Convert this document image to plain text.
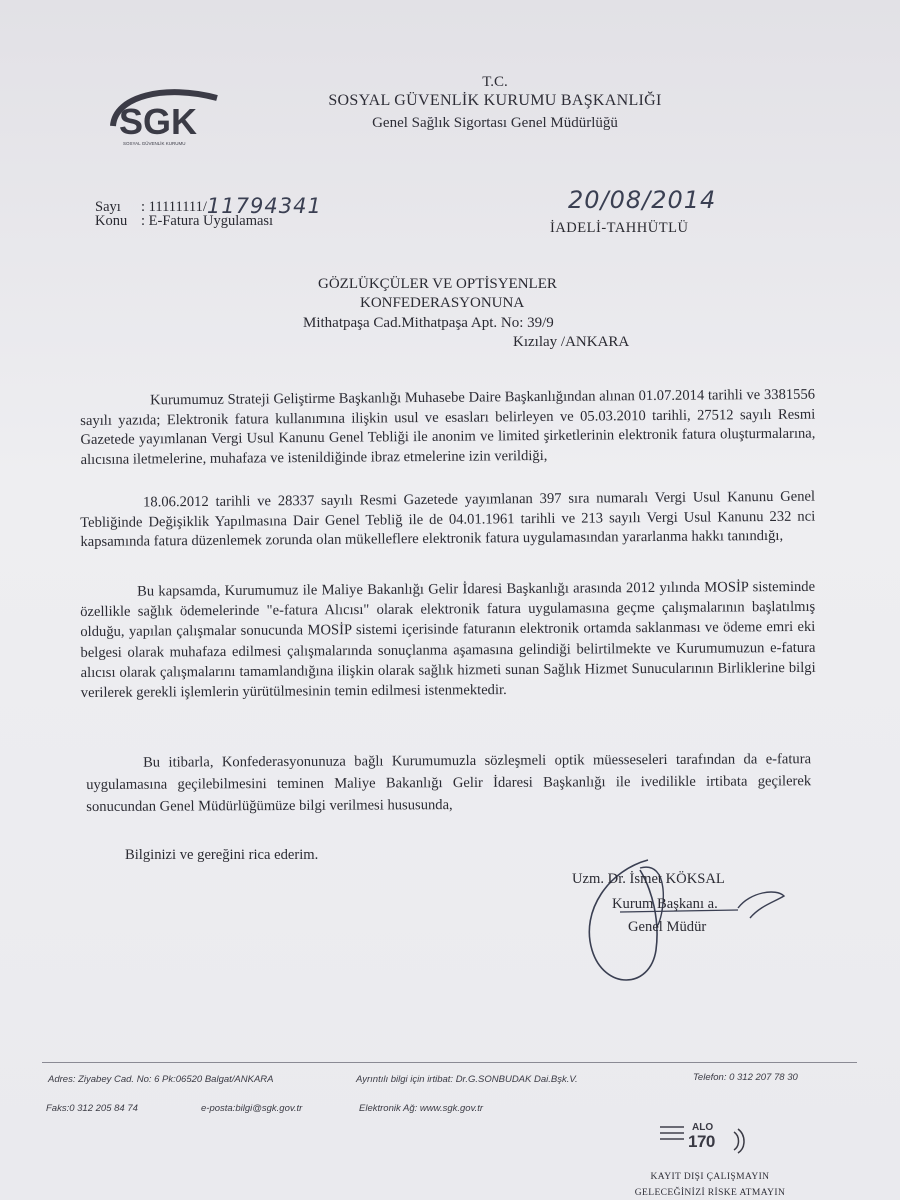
SGK
SOSYAL GÜVENLİK KURUMU
T.C.
SOSYAL GÜVENLİK KURUMU BAŞKANLIĞI
Genel Sağlık Sigortası Genel Müdürlüğü
Sayı : 11111111/11794341
Konu : E-Fatura Uygulaması
20/08/2014
İADELİ-TAHHÜTLÜ
GÖZLÜKÇÜLER VE OPTİSYENLER
KONFEDERASYONUNA
Mithatpaşa Cad.Mithatpaşa Apt. No: 39/9
Kızılay /ANKARA
Kurumumuz Strateji Geliştirme Başkanlığı Muhasebe Daire Başkanlığından alınan 01.07.2014 tarihli ve 3381556 sayılı yazıda; Elektronik fatura kullanımına ilişkin usul ve esasları belirleyen ve 05.03.2010 tarihli, 27512 sayılı Resmi Gazetede yayımlanan Vergi Usul Kanunu Genel Tebliği ile anonim ve limited şirketlerinin elektronik fatura oluşturmalarına, alıcısına iletmelerine, muhafaza ve istenildiğinde ibraz etmelerine izin verildiği,
18.06.2012 tarihli ve 28337 sayılı Resmi Gazetede yayımlanan 397 sıra numaralı Vergi Usul Kanunu Genel Tebliğinde Değişiklik Yapılmasına Dair Genel Tebliğ ile de 04.01.1961 tarihli ve 213 sayılı Vergi Usul Kanunu 232 nci kapsamında fatura düzenlemek zorunda olan mükelleflere elektronik fatura uygulamasından yararlanma hakkı tanındığı,
Bu kapsamda, Kurumumuz ile Maliye Bakanlığı Gelir İdaresi Başkanlığı arasında 2012 yılında MOSİP sisteminde özellikle sağlık ödemelerinde "e-fatura Alıcısı" olarak elektronik fatura uygulamasına geçme çalışmalarının başlatılmış olduğu, yapılan çalışmalar sonucunda MOSİP sistemi içerisinde faturanın elektronik ortamda saklanması ve ödeme emri eki belgesi olarak muhafaza edilmesi çalışmalarında sonuçlanma aşamasına gelindiği belirtilmekte ve Kurumumuzun e-fatura alıcısı olarak çalışmalarını tamamlandığına ilişkin olarak sağlık hizmeti sunan Sağlık Hizmet Sunucularının Birliklerine bilgi verilerek gerekli işlemlerin yürütülmesinin temin edilmesi istenmektedir.
Bu itibarla, Konfederasyonunuza bağlı Kurumumuzla sözleşmeli optik müesseseleri tarafından da e-fatura uygulamasına geçilebilmesini teminen Maliye Bakanlığı Gelir İdaresi Başkanlığı ile ivedilikle irtibata geçilerek sonucundan Genel Müdürlüğümüze bilgi verilmesi hususunda,
Bilginizi ve gereğini rica ederim.
Uzm. Dr. İsmet KÖKSAL
Kurum Başkanı a.
Genel Müdür
Adres: Ziyabey Cad. No: 6 Pk:06520 Balgat/ANKARA	Ayrıntılı bilgi için irtibat: Dr.G.SONBUDAK Dai.Bşk.V.	Telefon: 0 312 207 78 30
Faks:0 312 205 84 74	e-posta:bilgi@sgk.gov.tr	Elektronik Ağ: www.sgk.gov.tr
ALO
170
KAYIT DIŞI ÇALIŞMAYIN
GELECEĞİNİZİ RİSKE ATMAYIN
